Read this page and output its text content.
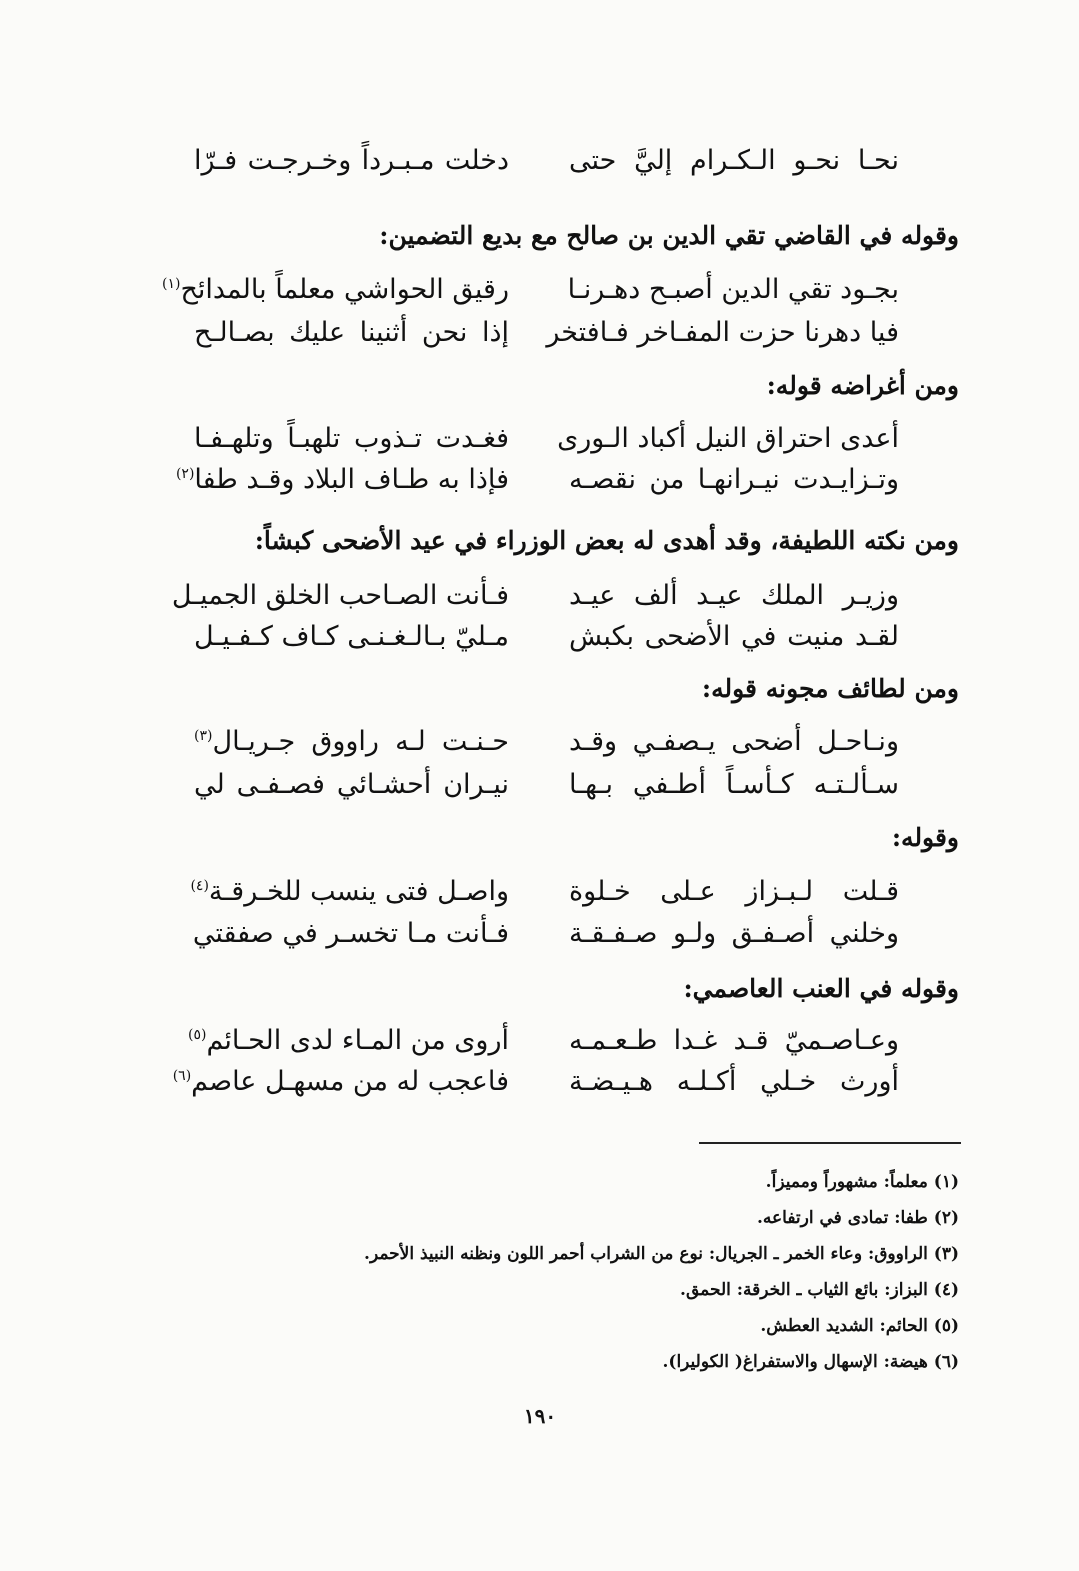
نحـا نحـو الـكـرام إليَّ حتى
دخلت مـبـرداً وخـرجـت فـرّا
وقوله في القاضي تقي الدين بن صالح مع بديع التضمين:
بجـود تقي الدين أصبـح دهـرنـا
رقيق الحواشي معلماً بالمدائح$^{(١)}$
فيا دهرنا حزت المفـاخر فـافتخر
إذا نحن أثنينا عليك بصـالـح
ومن أغراضه قوله:
أعدى احتراق النيل أكباد الـورى
فغـدت تـذوب تلهبـاً وتلهـفـا
وتـزايـدت نيـرانهـا من نقصـه
فإذا به طـاف البلاد وقـد طفا$^{(٢)}$
ومن نكته اللطيفة، وقد أهدى له بعض الوزراء في عيد الأضحى كبشاً:
وزيـر الملك عيـد ألف عيـد
فـأنت الصـاحب الخلق الجميـل
لقـد منيت في الأضحى بكبش
مـليّ بـالـغـنـى كـاف كـفـيـل
ومن لطائف مجونه قوله:
ونـاحـل أضحى يـصفـي وقـد
حـنـت لـه راووق جـريـال$^{(٣)}$
سـألـتـه كـأسـاً أطـفي بـهـا
نيـران أحشـائي فصـفـى لي
وقوله:
قـلت لـبـزاز عـلى خـلوة
واصـل فتى ينسب للخـرقـة$^{(٤)}$
وخلني أصـفـق ولـو صـفـقـة
فـأنت مـا تخسـر في صفقتي
وقوله في العنب العاصمي:
وعـاصـميّ قـد غـدا طـعـمـه
أروى من المـاء لدى الحـائم$^{(٥)}$
أورث خـلي أكـلـه هـيـضـة
فاعجب له من مسهـل عاصم$^{(٦)}$
(١) معلماً: مشهوراً ومميزاً.
(٢) طفا: تمادى في ارتفاعه.
(٣) الراووق: وعاء الخمر ـ الجريال: نوع من الشراب أحمر اللون ونظنه النبيذ الأحمر.
(٤) البزاز: بائع الثياب ـ الخرقة: الحمق.
(٥) الحائم: الشديد العطش.
(٦) هيضة: الإسهال والاستفراغ( الكوليرا).
١٩٠
